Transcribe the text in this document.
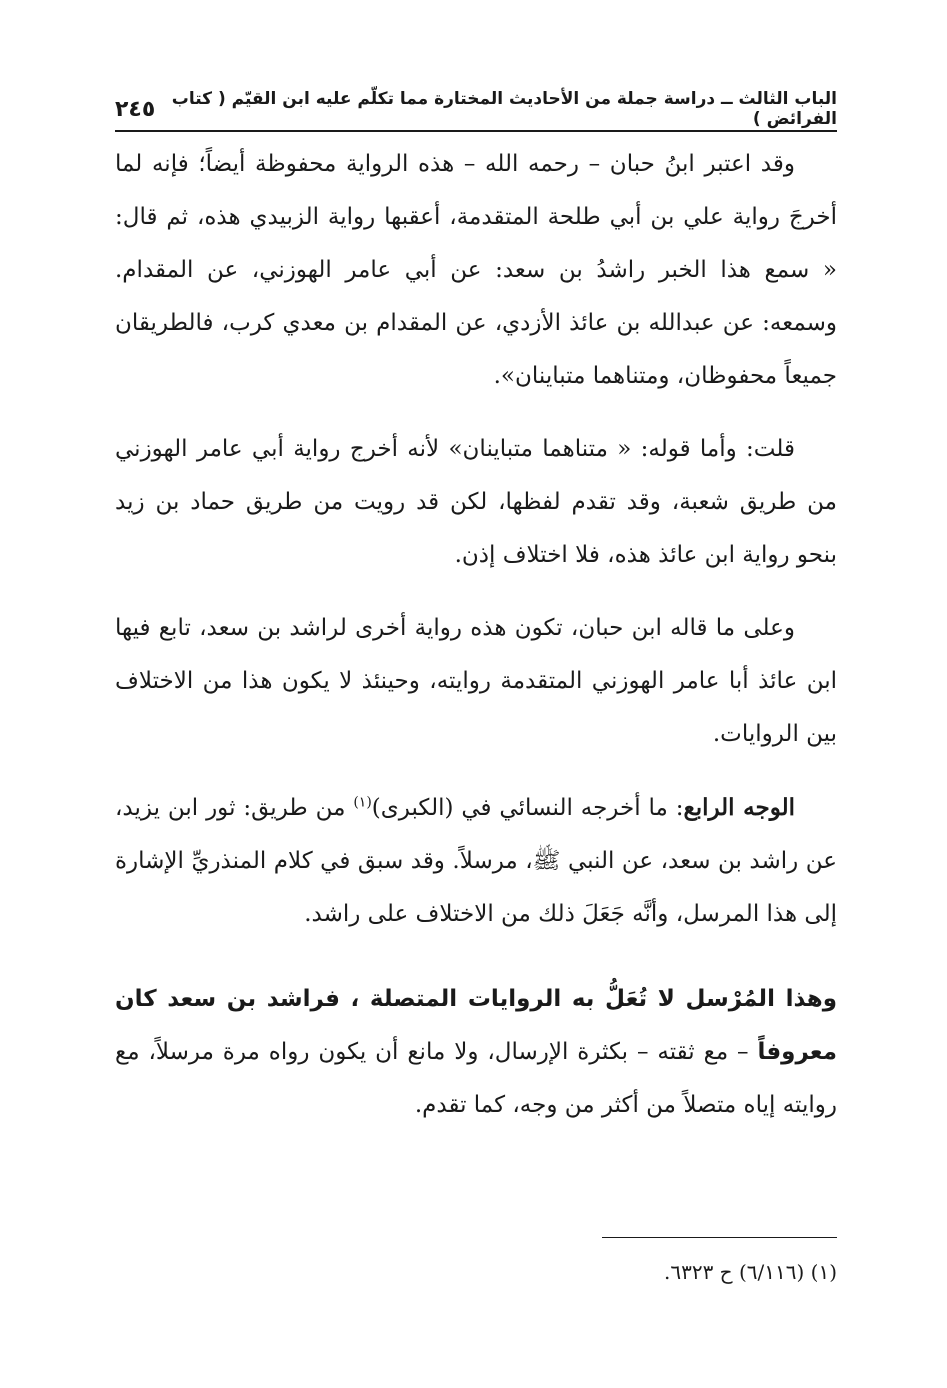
الباب الثالث ــ دراسة جملة من الأحاديث المختارة مما تكلّم عليه ابن القيّم ( كتاب الفرائض )
٢٤٥

وقد اعتبر ابنُ حبان – رحمه الله – هذه الرواية محفوظة أيضاً؛ فإنه لما أخرجَ رواية علي بن أبي طلحة المتقدمة، أعقبها رواية الزبيدي هذه، ثم قال: « سمع هذا الخبر راشدُ بن سعد: عن أبي عامر الهوزني، عن المقدام. وسمعه: عن عبدالله بن عائذ الأزدي، عن المقدام بن معدي كرب، فالطريقان جميعاً محفوظان، ومتناهما متباينان».

قلت: وأما قوله: « متناهما متباينان» لأنه أخرج رواية أبي عامر الهوزني من طريق شعبة، وقد تقدم لفظها، لكن قد رويت من طريق حماد بن زيد بنحو رواية ابن عائذ هذه، فلا اختلاف إذن.

وعلى ما قاله ابن حبان، تكون هذه رواية أخرى لراشد بن سعد، تابع فيها ابن عائذ أبا عامر الهوزني المتقدمة روايته، وحينئذ لا يكون هذا من الاختلاف بين الروايات.

الوجه الرابع: ما أخرجه النسائي في (الكبرى)$^{(١)}$ من طريق: ثور ابن يزيد، عن راشد بن سعد، عن النبي ﷺ، مرسلاً. وقد سبق في كلام المنذريِّ الإشارة إلى هذا المرسل، وأنَّه جَعَلَ ذلك من الاختلاف على راشد.

وهذا المُرْسل لا تُعَلُّ به الروايات المتصلة ، فراشد بن سعد كان معروفاً – مع ثقته – بكثرة الإرسال، ولا مانع أن يكون رواه مرة مرسلاً، مع روايته إياه متصلاً من أكثر من وجه، كما تقدم.

(١) (٦/١١٦) ح ٦٣٢٣.
